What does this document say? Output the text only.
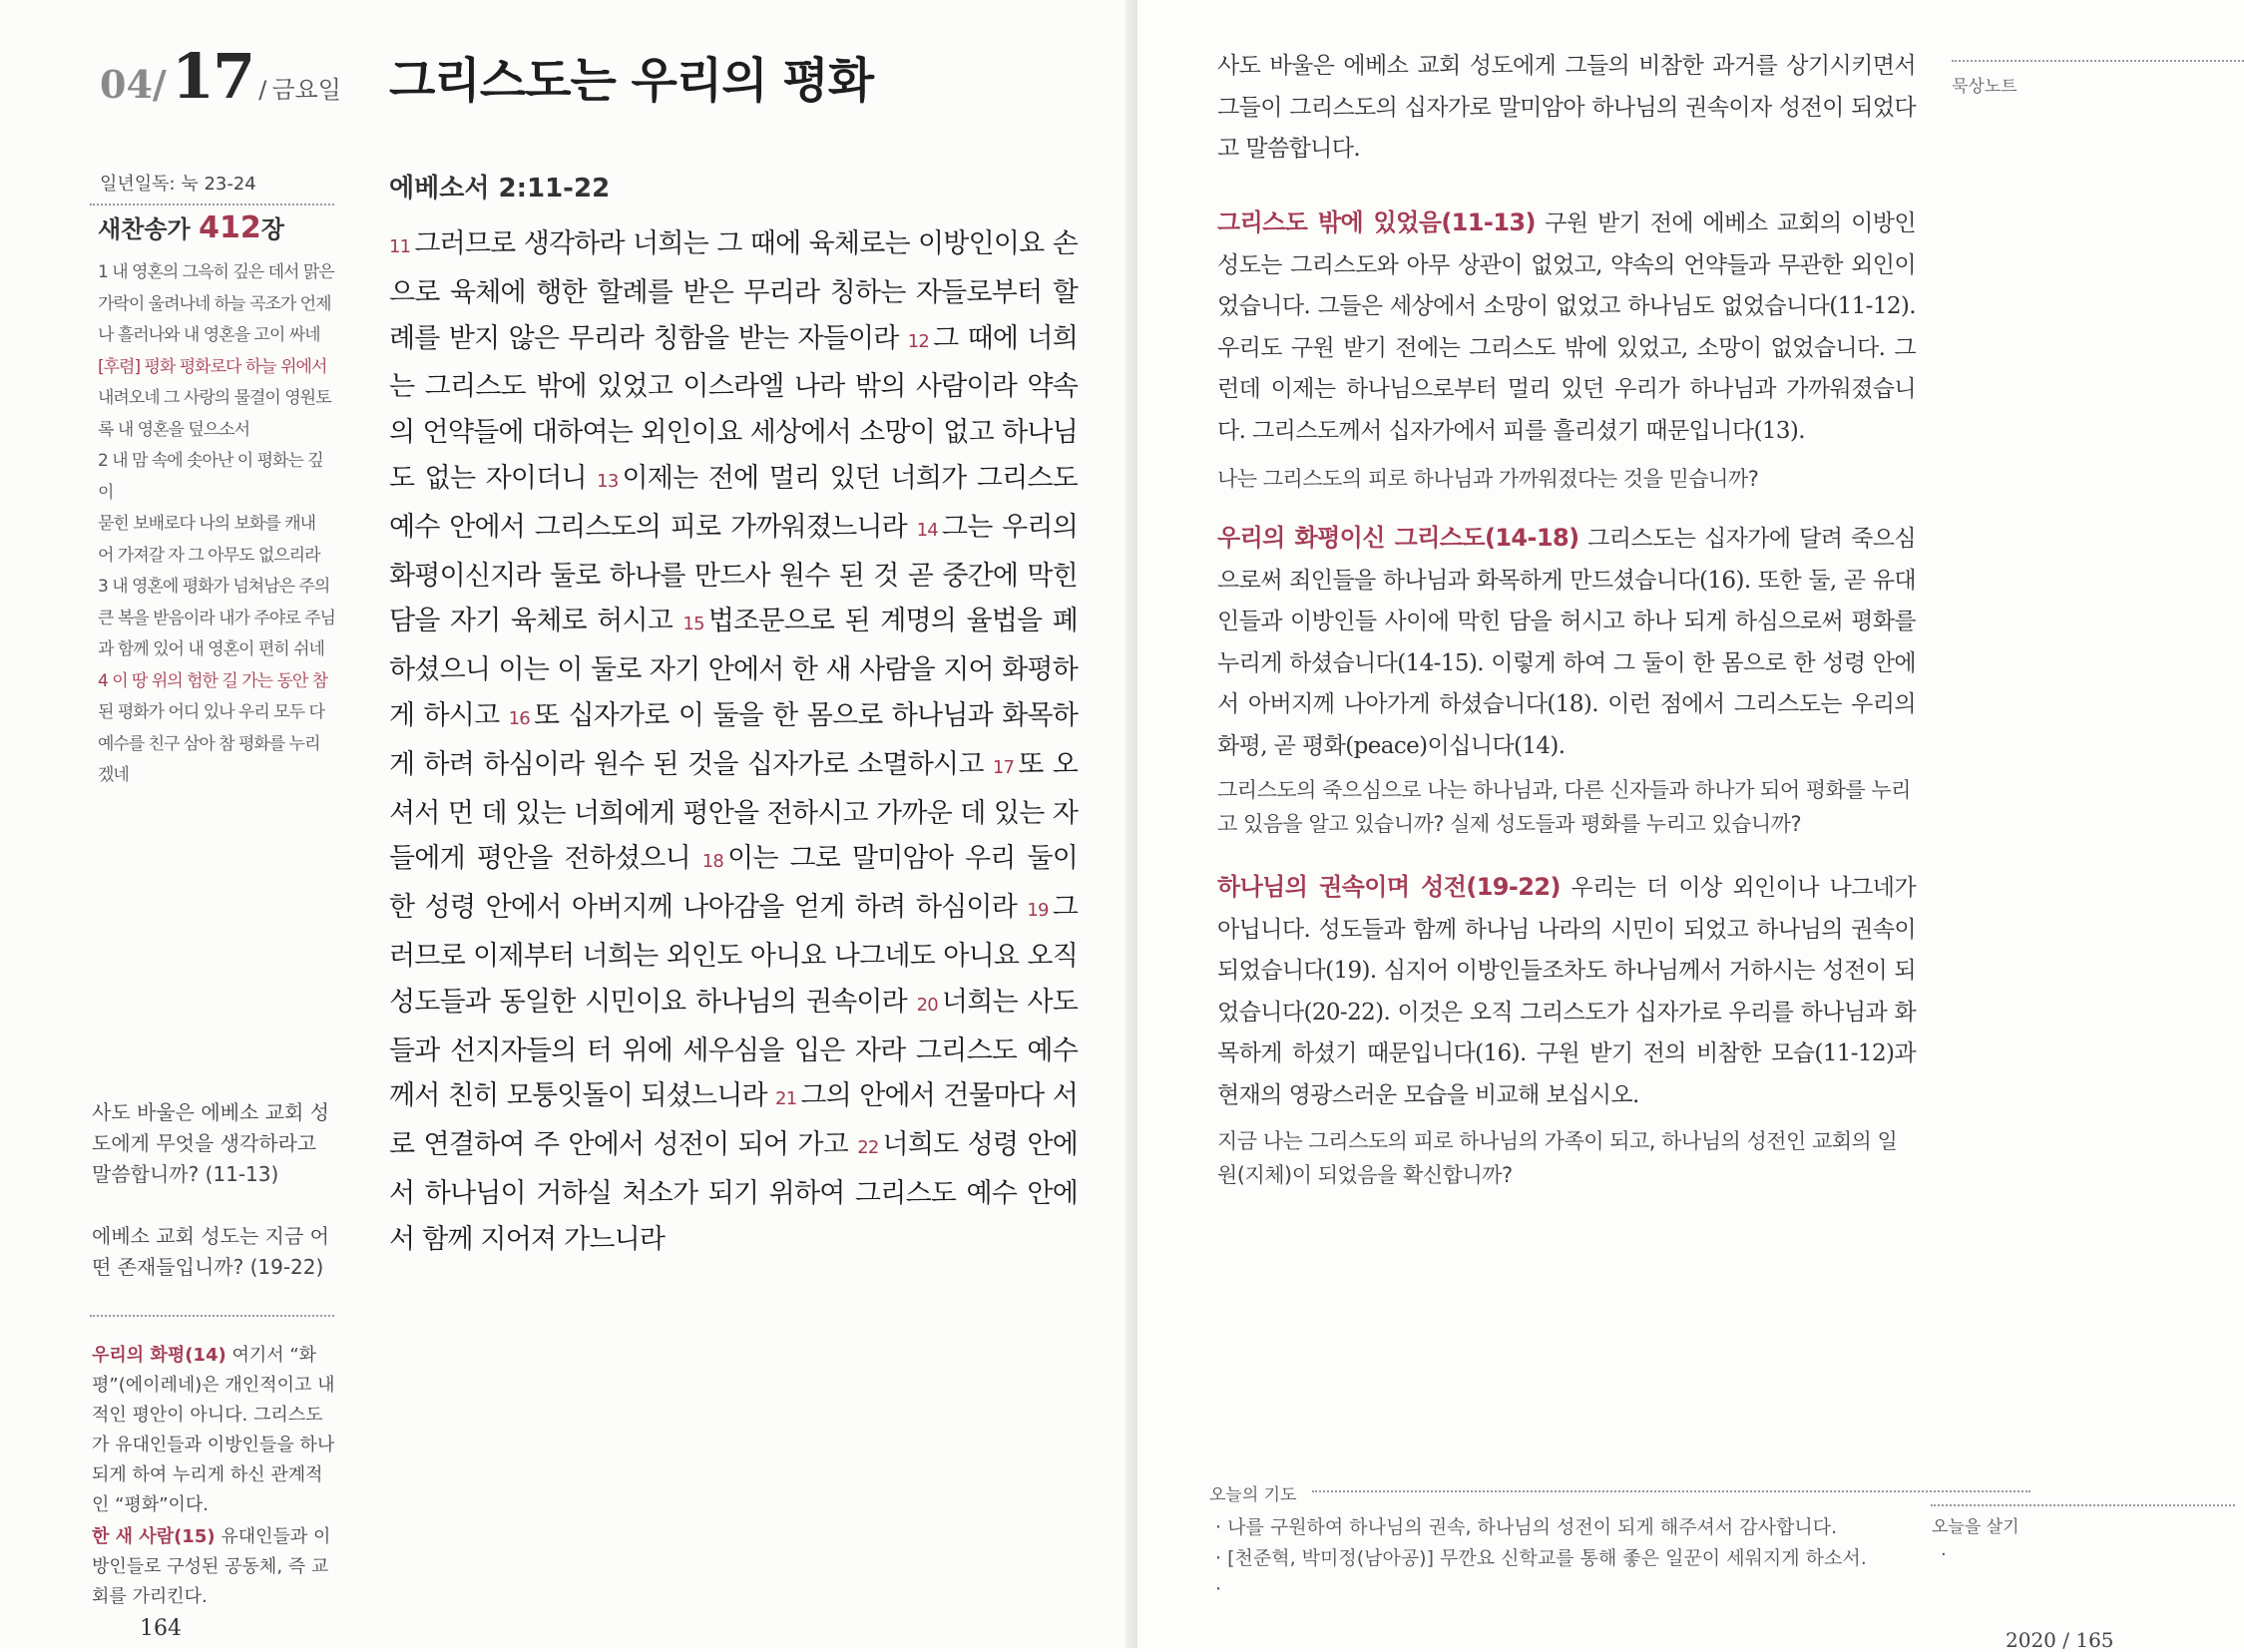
04/ 17 / 금요일
일년일독: 눅 23-24
새찬송가 412장
1 내 영혼의 그윽히 깊은 데서 맑은
가락이 울려나네 하늘 곡조가 언제
나 흘러나와 내 영혼을 고이 싸네
[후렴] 평화 평화로다 하늘 위에서
내려오네 그 사랑의 물결이 영원토
록 내 영혼을 덮으소서
2 내 맘 속에 솟아난 이 평화는 깊이
묻힌 보배로다 나의 보화를 캐내
어 가져갈 자 그 아무도 없으리라
3 내 영혼에 평화가 넘쳐남은 주의
큰 복을 받음이라 내가 주야로 주님
과 함께 있어 내 영혼이 편히 쉬네
4 이 땅 위의 험한 길 가는 동안 참
된 평화가 어디 있나 우리 모두 다
예수를 친구 삼아 참 평화를 누리
겠네
사도 바울은 에베소 교회 성도에게 무엇을 생각하라고 말씀합니까? (11-13)
에베소 교회 성도는 지금 어떤 존재들입니까? (19-22)
우리의 화평(14) 여기서 “화평”(에이레네)은 개인적이고 내적인 평안이 아니다. 그리스도가 유대인들과 이방인들을 하나 되게 하여 누리게 하신 관계적인 “평화”이다.
한 새 사람(15) 유대인들과 이방인들로 구성된 공동체, 즉 교회를 가리킨다.
164
그리스도는 우리의 평화
에베소서 2:11-22
11 그러므로 생각하라 너희는 그 때에 육체로는 이방인이요 손으로 육체에 행한 할례를 받은 무리라 칭하는 자들로부터 할례를 받지 않은 무리라 칭함을 받는 자들이라 12 그 때에 너희는 그리스도 밖에 있었고 이스라엘 나라 밖의 사람이라 약속의 언약들에 대하여는 외인이요 세상에서 소망이 없고 하나님도 없는 자이더니 13 이제는 전에 멀리 있던 너희가 그리스도 예수 안에서 그리스도의 피로 가까워졌느니라 14 그는 우리의 화평이신지라 둘로 하나를 만드사 원수 된 것 곧 중간에 막힌 담을 자기 육체로 허시고 15 법조문으로 된 계명의 율법을 폐하셨으니 이는 이 둘로 자기 안에서 한 새 사람을 지어 화평하게 하시고 16 또 십자가로 이 둘을 한 몸으로 하나님과 화목하게 하려 하심이라 원수 된 것을 십자가로 소멸하시고 17 또 오셔서 먼 데 있는 너희에게 평안을 전하시고 가까운 데 있는 자들에게 평안을 전하셨으니 18 이는 그로 말미암아 우리 둘이 한 성령 안에서 아버지께 나아감을 얻게 하려 하심이라 19 그러므로 이제부터 너희는 외인도 아니요 나그네도 아니요 오직 성도들과 동일한 시민이요 하나님의 권속이라 20 너희는 사도들과 선지자들의 터 위에 세우심을 입은 자라 그리스도 예수께서 친히 모퉁잇돌이 되셨느니라 21 그의 안에서 건물마다 서로 연결하여 주 안에서 성전이 되어 가고 22 너희도 성령 안에서 하나님이 거하실 처소가 되기 위하여 그리스도 예수 안에서 함께 지어져 가느니라
사도 바울은 에베소 교회 성도에게 그들의 비참한 과거를 상기시키면서 그들이 그리스도의 십자가로 말미암아 하나님의 권속이자 성전이 되었다고 말씀합니다.
그리스도 밖에 있었음(11-13) 구원 받기 전에 에베소 교회의 이방인 성도는 그리스도와 아무 상관이 없었고, 약속의 언약들과 무관한 외인이었습니다. 그들은 세상에서 소망이 없었고 하나님도 없었습니다(11-12). 우리도 구원 받기 전에는 그리스도 밖에 있었고, 소망이 없었습니다. 그런데 이제는 하나님으로부터 멀리 있던 우리가 하나님과 가까워졌습니다. 그리스도께서 십자가에서 피를 흘리셨기 때문입니다(13).
나는 그리스도의 피로 하나님과 가까워졌다는 것을 믿습니까?
우리의 화평이신 그리스도(14-18) 그리스도는 십자가에 달려 죽으심으로써 죄인들을 하나님과 화목하게 만드셨습니다(16). 또한 둘, 곧 유대인들과 이방인들 사이에 막힌 담을 허시고 하나 되게 하심으로써 평화를 누리게 하셨습니다(14-15). 이렇게 하여 그 둘이 한 몸으로 한 성령 안에서 아버지께 나아가게 하셨습니다(18). 이런 점에서 그리스도는 우리의 화평, 곧 평화(peace)이십니다(14).
그리스도의 죽으심으로 나는 하나님과, 다른 신자들과 하나가 되어 평화를 누리고 있음을 알고 있습니까? 실제 성도들과 평화를 누리고 있습니까?
하나님의 권속이며 성전(19-22) 우리는 더 이상 외인이나 나그네가 아닙니다. 성도들과 함께 하나님 나라의 시민이 되었고 하나님의 권속이 되었습니다(19). 심지어 이방인들조차도 하나님께서 거하시는 성전이 되었습니다(20-22). 이것은 오직 그리스도가 십자가로 우리를 하나님과 화목하게 하셨기 때문입니다(16). 구원 받기 전의 비참한 모습(11-12)과 현재의 영광스러운 모습을 비교해 보십시오.
지금 나는 그리스도의 피로 하나님의 가족이 되고, 하나님의 성전인 교회의 일원(지체)이 되었음을 확신합니까?
묵상노트
오늘의 기도
· 나를 구원하여 하나님의 권속, 하나님의 성전이 되게 해주셔서 감사합니다.
· [천준혁, 박미정(남아공)] 무깐요 신학교를 통해 좋은 일꾼이 세워지게 하소서.
·
오늘을 살기
·
2020 / 165
